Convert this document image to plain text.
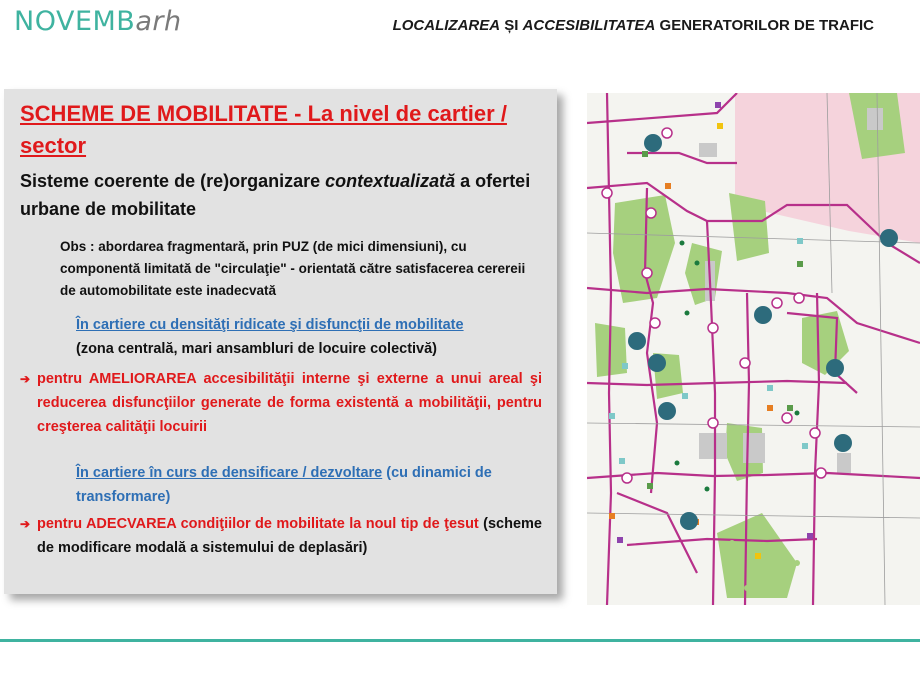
NOVEMBarh	LOCALIZAREA ȘI ACCESIBILITATEA GENERATORILOR DE TRAFIC
SCHEME DE MOBILITATE - La nivel de cartier / sector
Sisteme coerente de (re)organizare contextualizată a ofertei urbane de mobilitate
Obs : abordarea fragmentară, prin PUZ (de mici dimensiuni), cu componentă limitată de "circulaţie" - orientată către satisfacerea cerereii de automobilitate este inadecvată
În cartiere cu densităţi ridicate şi disfuncţii de mobilitate
(zona centrală, mari ansambluri de locuire colectivă)
➔ pentru AMELIORAREA accesibilităţii interne şi externe a unui areal şi reducerea disfuncţiilor generate de forma existentă a mobilităţii, pentru creşterea calităţii locuirii
În cartiere în curs de densificare / dezvoltare (cu dinamici de transformare)
➔ pentru ADECVAREA condiţiilor de mobilitate la noul tip de ţesut (scheme de modificare modală a sistemului de deplasări)
